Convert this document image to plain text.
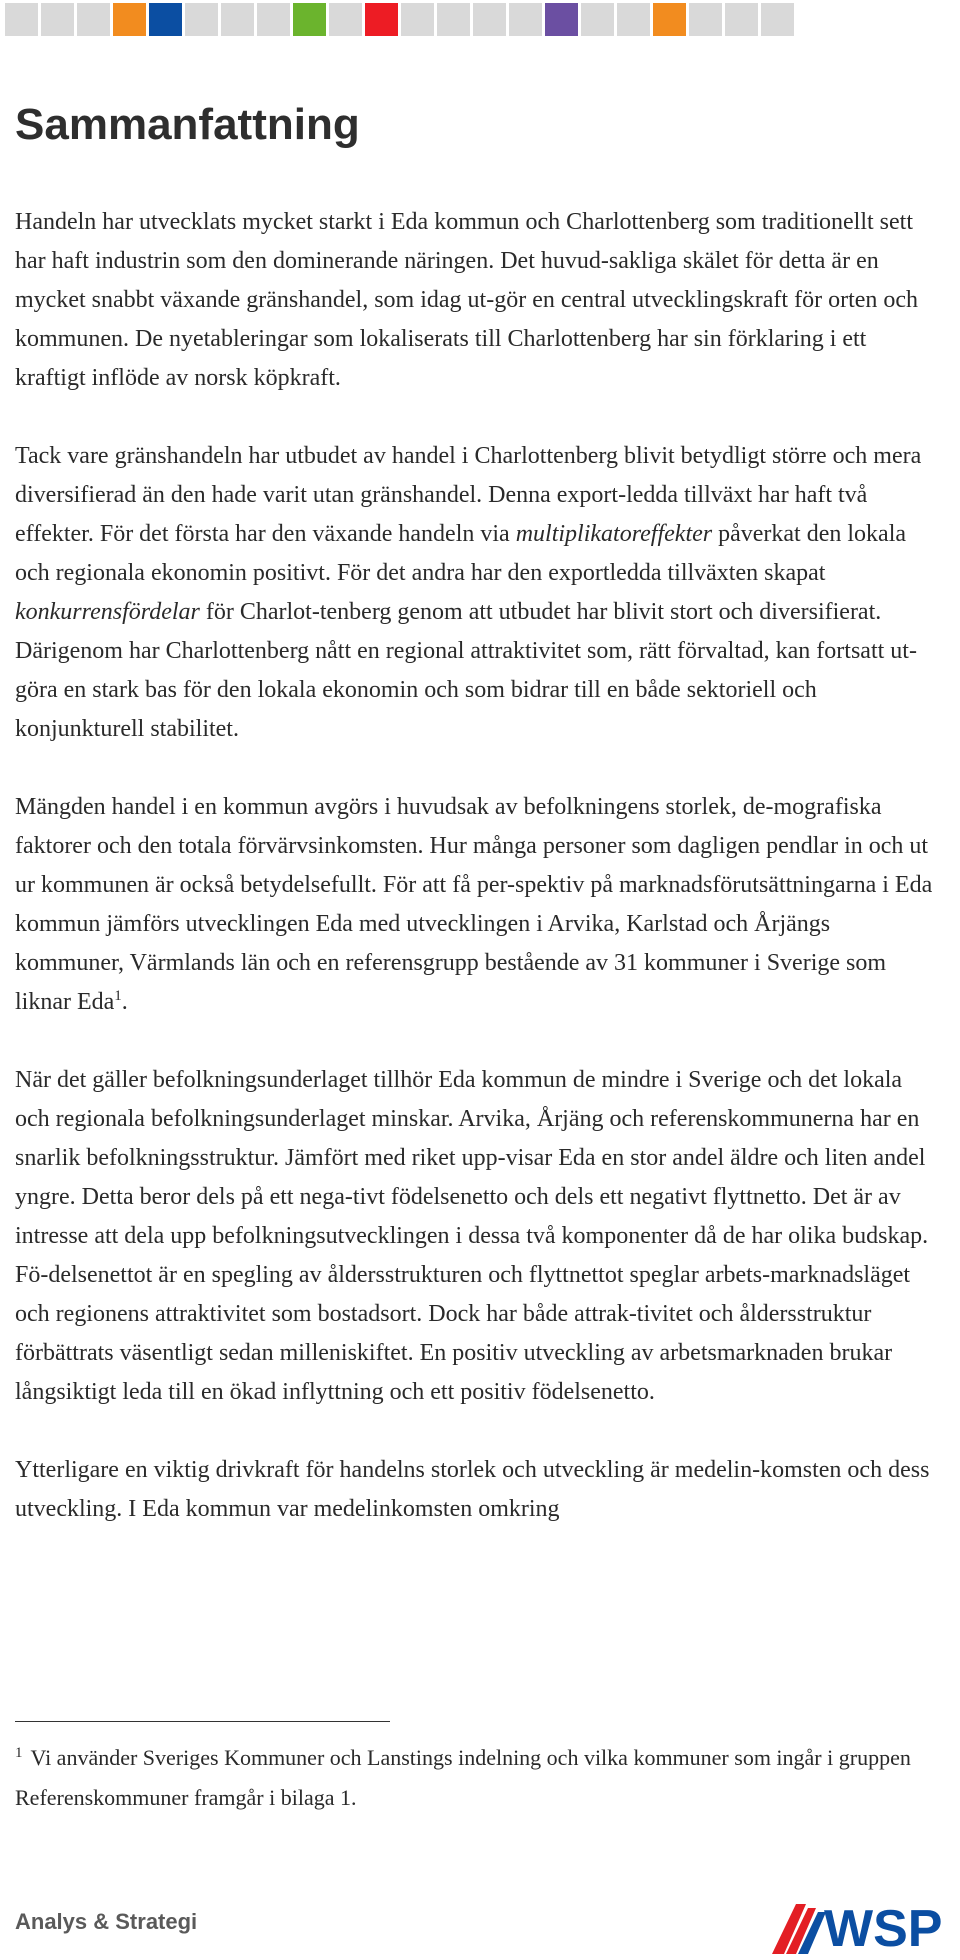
Sammanfattning

Handeln har utvecklats mycket starkt i Eda kommun och Charlottenberg som traditionellt sett har haft industrin som den dominerande näringen. Det huvud-sakliga skälet för detta är en mycket snabbt växande gränshandel, som idag ut-gör en central utvecklingskraft för orten och kommunen. De nyetableringar som lokaliserats till Charlottenberg har sin förklaring i ett kraftigt inflöde av norsk köpkraft.

Tack vare gränshandeln har utbudet av handel i Charlottenberg blivit betydligt större och mera diversifierad än den hade varit utan gränshandel. Denna export-ledda tillväxt har haft två effekter. För det första har den växande handeln via multiplikatoreffekter påverkat den lokala och regionala ekonomin positivt. För det andra har den exportledda tillväxten skapat konkurrensfördelar för Charlot-tenberg genom att utbudet har blivit stort och diversifierat. Därigenom har Charlottenberg nått en regional attraktivitet som, rätt förvaltad, kan fortsatt ut-göra en stark bas för den lokala ekonomin och som bidrar till en både sektoriell och konjunkturell stabilitet.

Mängden handel i en kommun avgörs i huvudsak av befolkningens storlek, de-mografiska faktorer och den totala förvärvsinkomsten. Hur många personer som dagligen pendlar in och ut ur kommunen är också betydelsefullt. För att få per-spektiv på marknadsförutsättningarna i Eda kommun jämförs utvecklingen Eda med utvecklingen i Arvika, Karlstad och Årjängs kommuner, Värmlands län och en referensgrupp bestående av 31 kommuner i Sverige som liknar Eda$^1$.

När det gäller befolkningsunderlaget tillhör Eda kommun de mindre i Sverige och det lokala och regionala befolkningsunderlaget minskar. Arvika, Årjäng och referenskommunerna har en snarlik befolkningsstruktur. Jämfört med riket upp-visar Eda en stor andel äldre och liten andel yngre. Detta beror dels på ett nega-tivt födelsenetto och dels ett negativt flyttnetto. Det är av intresse att dela upp befolkningsutvecklingen i dessa två komponenter då de har olika budskap. Fö-delsenettot är en spegling av åldersstrukturen och flyttnettot speglar arbets-marknadsläget och regionens attraktivitet som bostadsort. Dock har både attrak-tivitet och åldersstruktur förbättrats väsentligt sedan milleniskiftet. En positiv utveckling av arbetsmarknaden brukar långsiktigt leda till en ökad inflyttning och ett positiv födelsenetto.

Ytterligare en viktig drivkraft för handelns storlek och utveckling är medelin-komsten och dess utveckling. I Eda kommun var medelinkomsten omkring

$^1$ Vi använder Sveriges Kommuner och Lanstings indelning och vilka kommuner som ingår i gruppen Referenskommuner framgår i bilaga 1.
Analys & Strategi	WSP
